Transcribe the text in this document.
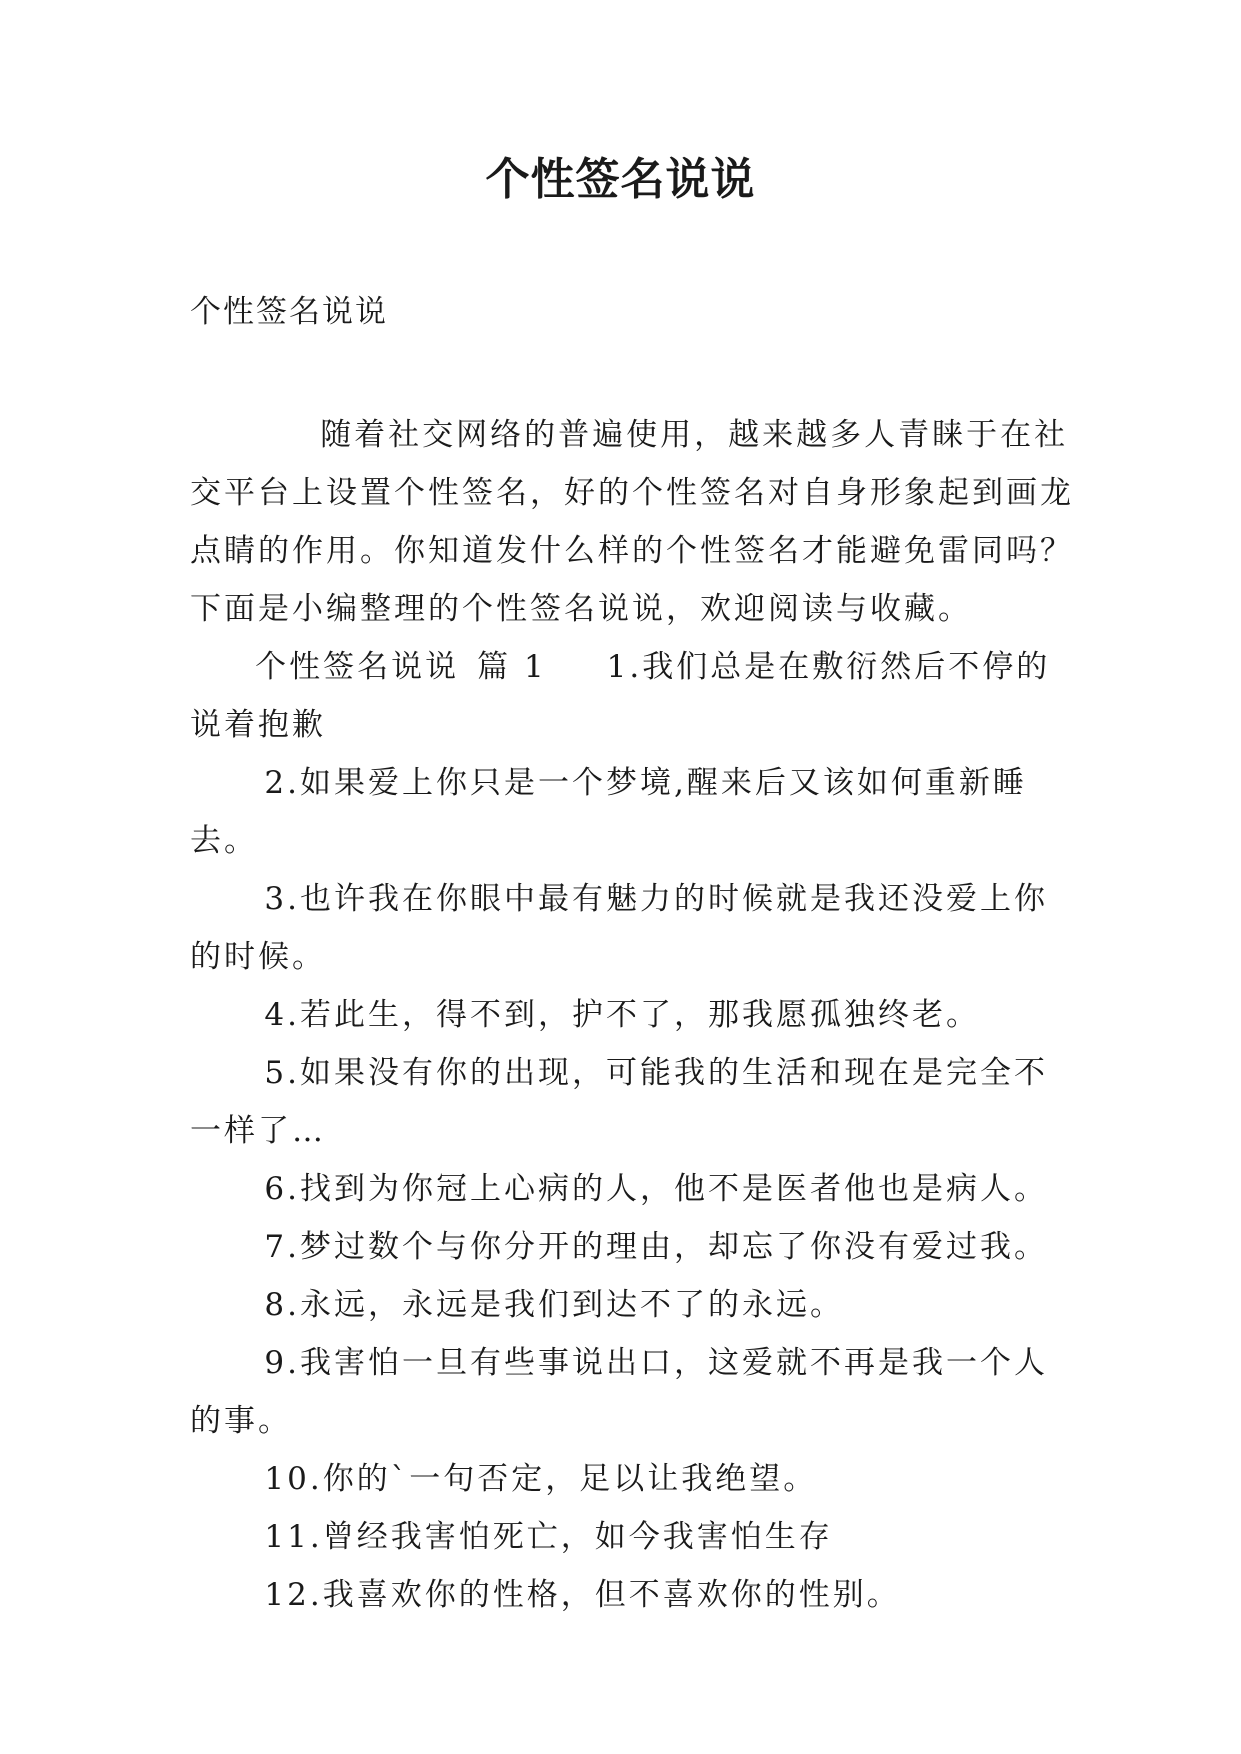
个性签名说说

个性签名说说

随着社交网络的普遍使用，越来越多人青睐于在社交平台上设置个性签名，好的个性签名对自身形象起到画龙点睛的作用。你知道发什么样的个性签名才能避免雷同吗？下面是小编整理的个性签名说说，欢迎阅读与收藏。

个性签名说说 篇 1 1.我们总是在敷衍然后不停的说着抱歉

2.如果爱上你只是一个梦境,醒来后又该如何重新睡去。

3.也许我在你眼中最有魅力的时候就是我还没爱上你的时候。

4.若此生，得不到，护不了，那我愿孤独终老。

5.如果没有你的出现，可能我的生活和现在是完全不一样了…

6.找到为你冠上心病的人，他不是医者他也是病人。

7.梦过数个与你分开的理由，却忘了你没有爱过我。

8.永远，永远是我们到达不了的永远。

9.我害怕一旦有些事说出口，这爱就不再是我一个人的事。

10.你的`一句否定，足以让我绝望。

11.曾经我害怕死亡，如今我害怕生存

12.我喜欢你的性格，但不喜欢你的性别。
